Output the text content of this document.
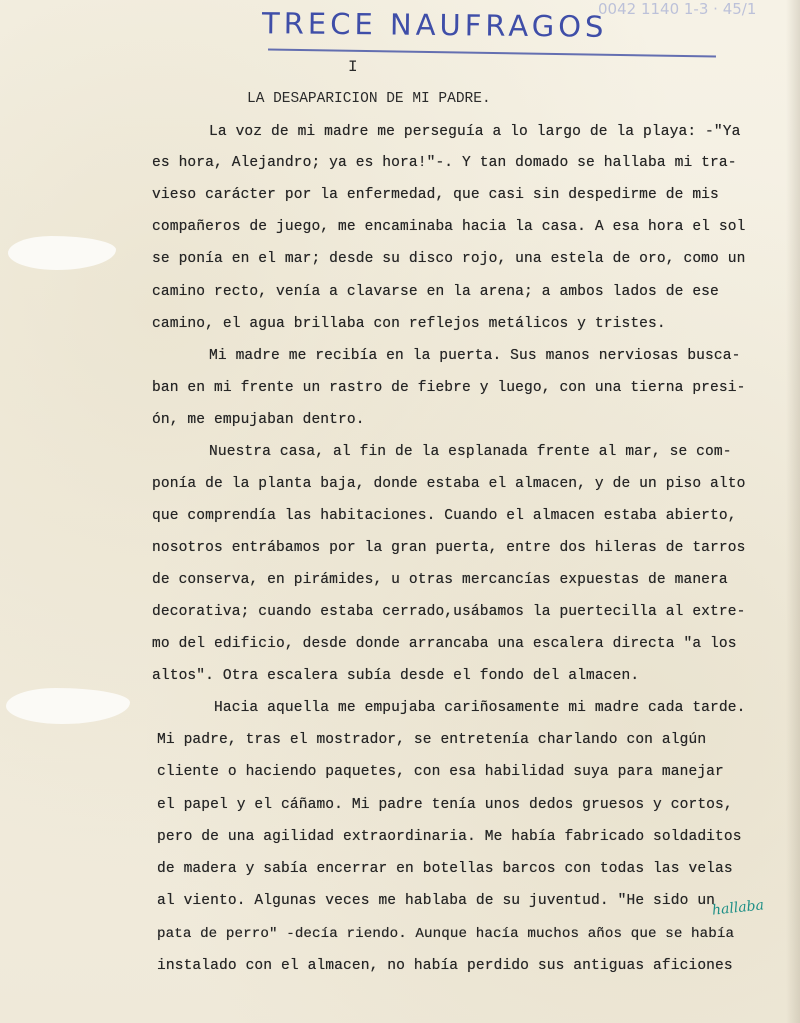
0042 1140 1-3 · 45/1
TRECE NAUFRAGOS
I
LA DESAPARICION DE MI PADRE.
La voz de mi madre me perseguía a lo largo de la playa: -"Ya
es hora, Alejandro; ya es hora!"-. Y tan domado se hallaba mi tra-
vieso carácter por la enfermedad, que casi sin despedirme de mis
compañeros de juego, me encaminaba hacia la casa. A esa hora el sol
se ponía en el mar; desde su disco rojo, una estela de oro, como un
camino recto, venía a clavarse en la arena; a ambos lados de ese
camino, el agua brillaba con reflejos metálicos y tristes.
Mi madre me recibía en la puerta. Sus manos nerviosas busca-
ban en mi frente un rastro de fiebre y luego, con una tierna presi-
ón, me empujaban dentro.
Nuestra casa, al fin de la esplanada frente al mar, se com-
ponía de la planta baja, donde estaba el almacen, y de un piso alto
que comprendía las habitaciones. Cuando el almacen estaba abierto,
nosotros entrábamos por la gran puerta, entre dos hileras de tarros
de conserva, en pirámides, u otras mercancías expuestas de manera
decorativa; cuando estaba cerrado,usábamos la puertecilla al extre-
mo del edificio, desde donde arrancaba una escalera directa "a los
altos". Otra escalera subía desde el fondo del almacen.
Hacia aquella me empujaba cariñosamente mi madre cada tarde.
Mi padre, tras el mostrador, se entretenía charlando con algún
cliente o haciendo paquetes, con esa habilidad suya para manejar
el papel y el cáñamo. Mi padre tenía unos dedos gruesos y cortos,
pero de una agilidad extraordinaria. Me había fabricado soldaditos
de madera y sabía encerrar en botellas barcos con todas las velas
al viento. Algunas veces me hablaba de su juventud. "He sido un
pata de perro" -decía riendo. Aunque hacía muchos años que se había
instalado con el almacen, no había perdido sus antiguas aficiones
hallaba
